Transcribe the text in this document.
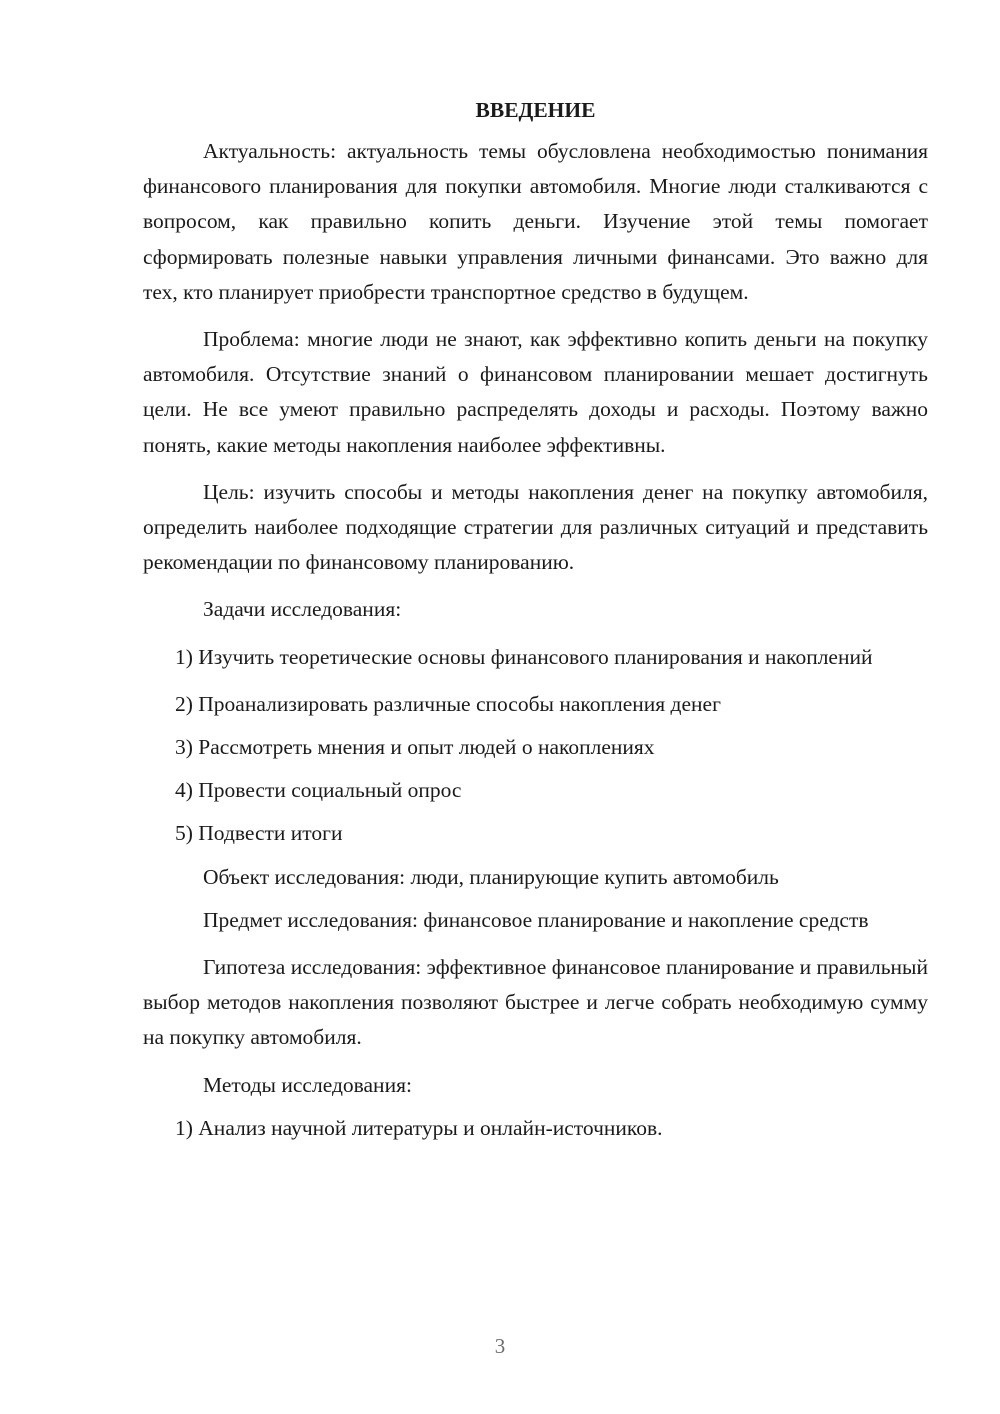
ВВЕДЕНИЕ

Актуальность: актуальность темы обусловлена необходимостью понимания финансового планирования для покупки автомобиля. Многие люди сталкиваются с вопросом, как правильно копить деньги. Изучение этой темы помогает сформировать полезные навыки управления личными финансами. Это важно для тех, кто планирует приобрести транспортное средство в будущем.

Проблема: многие люди не знают, как эффективно копить деньги на покупку автомобиля. Отсутствие знаний о финансовом планировании мешает достигнуть цели. Не все умеют правильно распределять доходы и расходы. Поэтому важно понять, какие методы накопления наиболее эффективны.

Цель: изучить способы и методы накопления денег на покупку автомобиля, определить наиболее подходящие стратегии для различных ситуаций и представить рекомендации по финансовому планированию.

Задачи исследования:

1) Изучить теоретические основы финансового планирования и накоплений

2) Проанализировать различные способы накопления денег

3) Рассмотреть мнения и опыт людей о накоплениях

4) Провести социальный опрос

5) Подвести итоги

Объект исследования: люди, планирующие купить автомобиль

Предмет исследования: финансовое планирование и накопление средств

Гипотеза исследования: эффективное финансовое планирование и правильный выбор методов накопления позволяют быстрее и легче собрать необходимую сумму на покупку автомобиля.

Методы исследования:

1) Анализ научной литературы и онлайн-источников.

3
